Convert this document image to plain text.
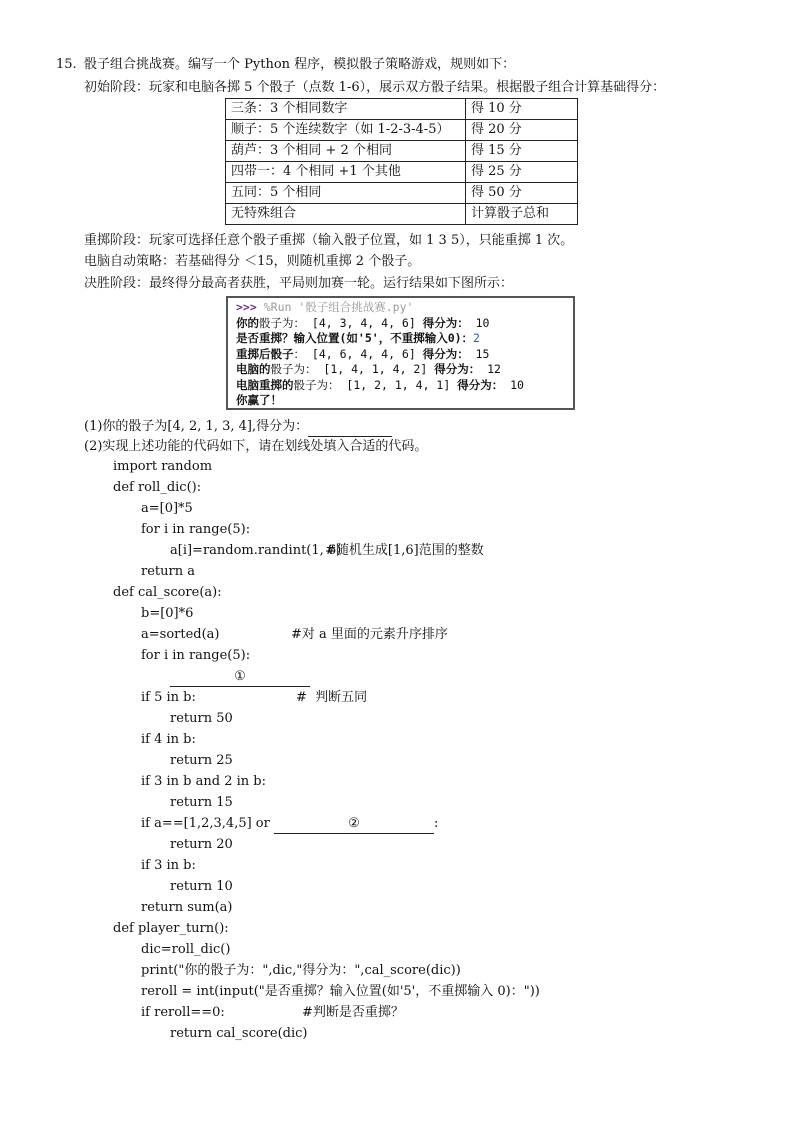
15. 骰子组合挑战赛。编写一个 Python 程序，模拟骰子策略游戏，规则如下：
初始阶段：玩家和电脑各掷 5 个骰子（点数 1-6），展示双方骰子结果。根据骰子组合计算基础得分：
三条：3 个相同数字	得 10 分
顺子：5 个连续数字（如 1-2-3-4-5）	得 20 分
葫芦：3 个相同 + 2 个相同	得 15 分
四带一：4 个相同 +1 个其他	得 25 分
五同：5 个相同	得 50 分
无特殊组合	计算骰子总和
重掷阶段：玩家可选择任意个骰子重掷（输入骰子位置，如 1 3 5），只能重掷 1 次。
电脑自动策略：若基础得分 ＜15，则随机重掷 2 个骰子。
决胜阶段：最终得分最高者获胜，平局则加赛一轮。运行结果如下图所示：
>>> %Run '骰子组合挑战赛.py'
你的骰子为： [4, 3, 4, 4, 6] 得分为： 10
是否重掷？输入位置(如'5'，不重掷输入0)：2
重掷后骰子： [4, 6, 4, 4, 6] 得分为： 15
电脑的骰子为： [1, 4, 1, 4, 2] 得分为： 12
电脑重掷的骰子为： [1, 2, 1, 4, 1] 得分为： 10
你赢了！
(1)你的骰子为[4, 2, 1, 3, 4],得分为：
(2)实现上述功能的代码如下，请在划线处填入合适的代码。
import random
def roll_dic():
a=[0]*5
for i in range(5):
a[i]=random.randint(1, 6)
#随机生成[1,6]范围的整数
return a
def cal_score(a):
b=[0]*6
a=sorted(a)	#对 a 里面的元素升序排序
for i in range(5):
①
if 5 in b:	#  判断五同
return 50
if 4 in b:
return 25
if 3 in b and 2 in b:
return 15
if a==[1,2,3,4,5] or	②	:
return 20
if 3 in b:
return 10
return sum(a)
def player_turn():
dic=roll_dic()
print("你的骰子为：",dic,"得分为：",cal_score(dic))
reroll = int(input("是否重掷？输入位置(如'5'，不重掷输入 0)："))
if reroll==0:	#判断是否重掷？
return cal_score(dic)
